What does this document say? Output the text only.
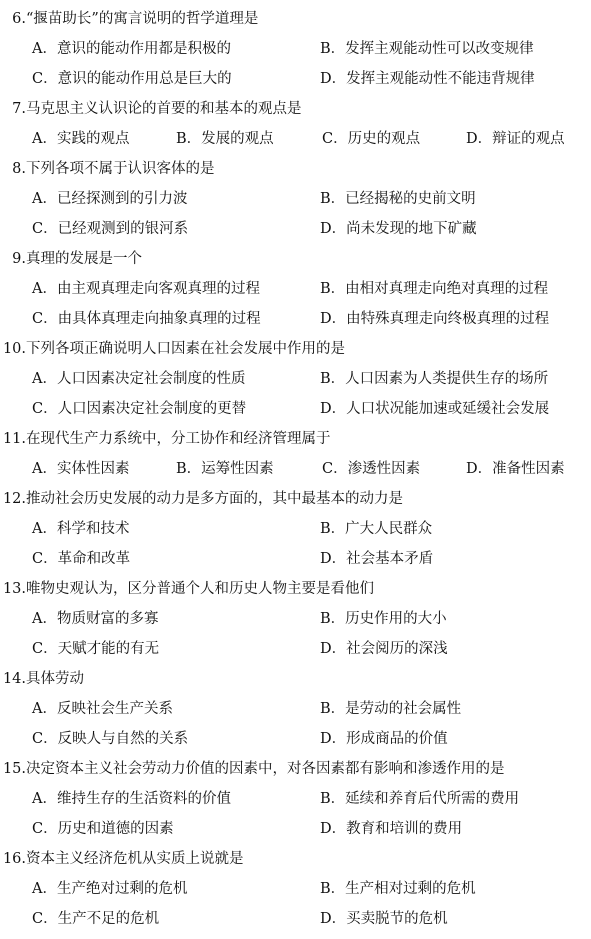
6.“揠苗助长”的寓言说明的哲学道理是
A．意识的能动作用都是积极的	B．发挥主观能动性可以改变规律
C．意识的能动作用总是巨大的	D．发挥主观能动性不能违背规律
7.马克思主义认识论的首要的和基本的观点是
A．实践的观点	B．发展的观点	C．历史的观点	D．辩证的观点
8.下列各项不属于认识客体的是
A．已经探测到的引力波	B．已经揭秘的史前文明
C．已经观测到的银河系	D．尚未发现的地下矿藏
9.真理的发展是一个
A．由主观真理走向客观真理的过程	B．由相对真理走向绝对真理的过程
C．由具体真理走向抽象真理的过程	D．由特殊真理走向终极真理的过程
10.下列各项正确说明人口因素在社会发展中作用的是
A．人口因素决定社会制度的性质	B．人口因素为人类提供生存的场所
C．人口因素决定社会制度的更替	D．人口状况能加速或延缓社会发展
11.在现代生产力系统中，分工协作和经济管理属于
A．实体性因素	B．运筹性因素	C．渗透性因素	D．准备性因素
12.推动社会历史发展的动力是多方面的，其中最基本的动力是
A．科学和技术	B．广大人民群众
C．革命和改革	D．社会基本矛盾
13.唯物史观认为，区分普通个人和历史人物主要是看他们
A．物质财富的多寡	B．历史作用的大小
C．天赋才能的有无	D．社会阅历的深浅
14.具体劳动
A．反映社会生产关系	B．是劳动的社会属性
C．反映人与自然的关系	D．形成商品的价值
15.决定资本主义社会劳动力价值的因素中，对各因素都有影响和渗透作用的是
A．维持生存的生活资料的价值	B．延续和养育后代所需的费用
C．历史和道德的因素	D．教育和培训的费用
16.资本主义经济危机从实质上说就是
A．生产绝对过剩的危机	B．生产相对过剩的危机
C．生产不足的危机	D．买卖脱节的危机
